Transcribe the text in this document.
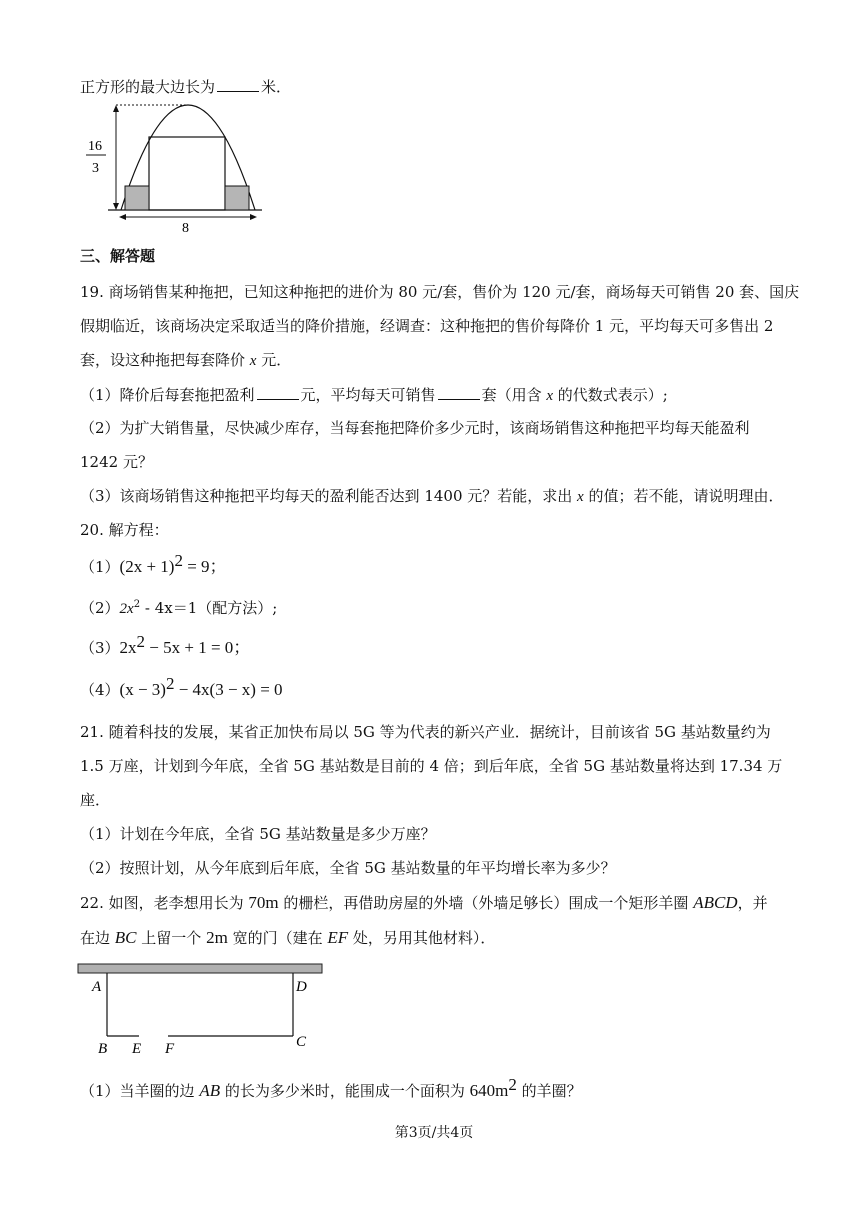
正方形的最大边长为	米．
16
3
8
三、解答题
19. 商场销售某种拖把，已知这种拖把的进价为 80 元/套，售价为 120 元/套，商场每天可销售 20 套、国庆
假期临近，该商场决定采取适当的降价措施，经调查：这种拖把的售价每降价 1 元，平均每天可多售出 2
套，设这种拖把每套降价 x 元．
（1）降价后每套拖把盈利	元，平均每天可销售	套（用含 x 的代数式表示）;
（2）为扩大销售量，尽快减少库存，当每套拖把降价多少元时，该商场销售这种拖把平均每天能盈利
1242 元？
（3）该商场销售这种拖把平均每天的盈利能否达到 1400 元？若能，求出 x 的值；若不能，请说明理由．
20. 解方程：
$(1)(2x + 1)^2 = 9$；
$(2)2x^2 - 4x=1$（配方法）;
$(3)2x^2 - 5x + 1 = 0$；
$(4)(x - 3)^2 - 4x(3 - x) = 0$
21. 随着科技的发展，某省正加快布局以 5G 等为代表的新兴产业．据统计，目前该省 5G 基站数量约为
1.5 万座，计划到今年底，全省 5G 基站数是目前的 4 倍；到后年底，全省 5G 基站数量将达到 17.34 万
座．
（1）计划在今年底，全省 5G 基站数量是多少万座？
（2）按照计划，从今年底到后年底，全省 5G 基站数量的年平均增长率为多少？
22. 如图，老李想用长为 70m 的栅栏，再借助房屋的外墙（外墙足够长）围成一个矩形羊圈 ABCD，并
在边 BC 上留一个 2m 宽的门（建在 EF 处，另用其他材料）．
A	D
B E F	C
（1）当羊圈的边 AB 的长为多少米时，能围成一个面积为 $640m^2$ 的羊圈？
第3页/共4页
